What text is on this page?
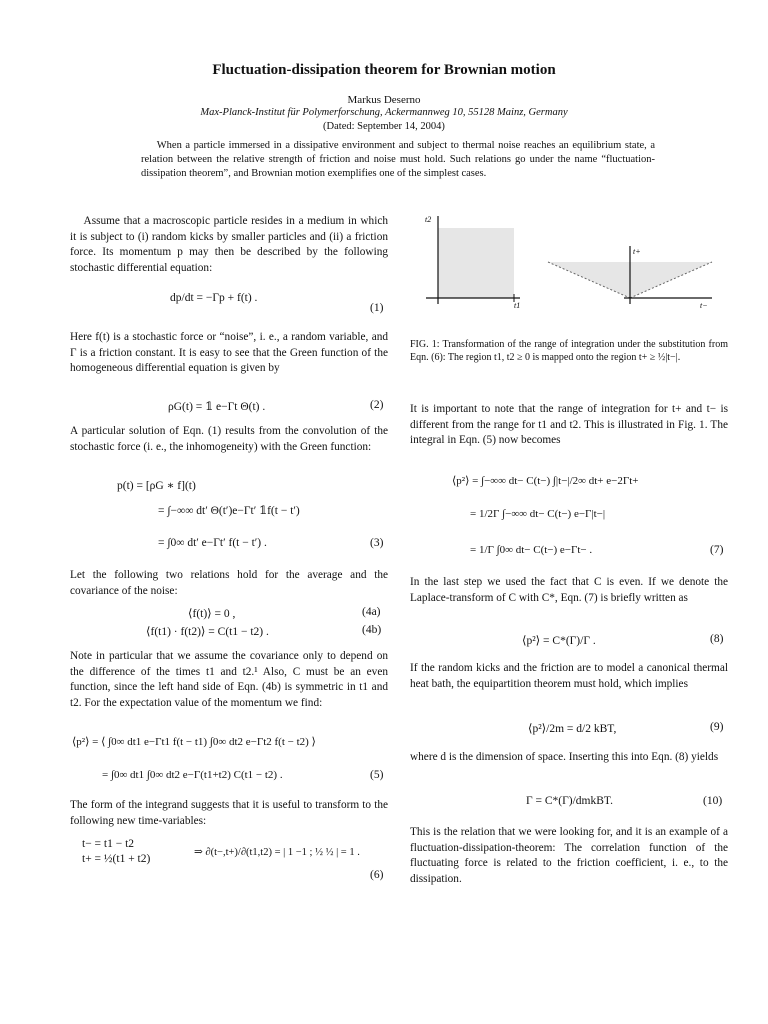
Fluctuation-dissipation theorem for Brownian motion
Markus Deserno
Max-Planck-Institut für Polymerforschung, Ackermannweg 10, 55128 Mainz, Germany
(Dated: September 14, 2004)
When a particle immersed in a dissipative environment and subject to thermal noise reaches an equilibrium state, a relation between the relative strength of friction and noise must hold. Such relations go under the name “fluctuation-dissipation theorem”, and Brownian motion exemplifies one of the simplest cases.
Assume that a macroscopic particle resides in a medium in which it is subject to (i) random kicks by smaller particles and (ii) a friction force. Its momentum p may then be described by the following stochastic differential equation:
dp/dt = −Γp + f(t) .
(1)
Here f(t) is a stochastic force or “noise”, i. e., a random variable, and Γ is a friction constant. It is easy to see that the Green function of the homogeneous differential equation is given by
ρG(t) = 𝟙 e−Γt Θ(t) .	(2)
A particular solution of Eqn. (1) results from the convolution of the stochastic force (i. e., the inhomogeneity) with the Green function:
p(t) = [ρG ∗ f](t)
= ∫−∞∞ dt′ Θ(t′)e−Γt′ 𝟙f(t − t′)
= ∫0∞ dt′ e−Γt′ f(t − t′) .	(3)
Let the following two relations hold for the average and the covariance of the noise:
⟨f(t)⟩ = 0 ,	(4a)
⟨f(t1) · f(t2)⟩ = C(t1 − t2) .	(4b)
Note in particular that we assume the covariance only to depend on the difference of the times t1 and t2.¹ Also, C must be an even function, since the left hand side of Eqn. (4b) is symmetric in t1 and t2. For the expectation value of the momentum we find:
⟨p²⟩ = ⟨ ∫0∞ dt1 e−Γt1 f(t − t1) ∫0∞ dt2 e−Γt2 f(t − t2) ⟩
= ∫0∞ dt1 ∫0∞ dt2 e−Γ(t1+t2) C(t1 − t2) .	(5)
The form of the integrand suggests that it is useful to transform to the following new time-variables:
t− = t1 − t2
t+ = ½(t1 + t2)
⇒ ∂(t−,t+)/∂(t1,t2) = | 1 −1 ; ½ ½ | = 1 .
(6)
t2
t1
t+
t−
FIG. 1: Transformation of the range of integration under the substitution from Eqn. (6): The region t1, t2 ≥ 0 is mapped onto the region t+ ≥ ½|t−|.
It is important to note that the range of integration for t+ and t− is different from the range for t1 and t2. This is illustrated in Fig. 1. The integral in Eqn. (5) now becomes
⟨p²⟩ = ∫−∞∞ dt− C(t−) ∫|t−|/2∞ dt+ e−2Γt+
= 1/2Γ ∫−∞∞ dt− C(t−) e−Γ|t−|
= 1/Γ ∫0∞ dt− C(t−) e−Γt− .	(7)
In the last step we used the fact that C is even. If we denote the Laplace-transform of C with C*, Eqn. (7) is briefly written as
⟨p²⟩ = C*(Γ)/Γ .	(8)
If the random kicks and the friction are to model a canonical thermal heat bath, the equipartition theorem must hold, which implies
⟨p²⟩/2m = d/2 kBT,	(9)
where d is the dimension of space. Inserting this into Eqn. (8) yields
Γ = C*(Γ)/dmkBT.	(10)
This is the relation that we were looking for, and it is an example of a fluctuation-dissipation-theorem: The correlation function of the fluctuating force is related to the friction coefficient, i. e., to the dissipation.
